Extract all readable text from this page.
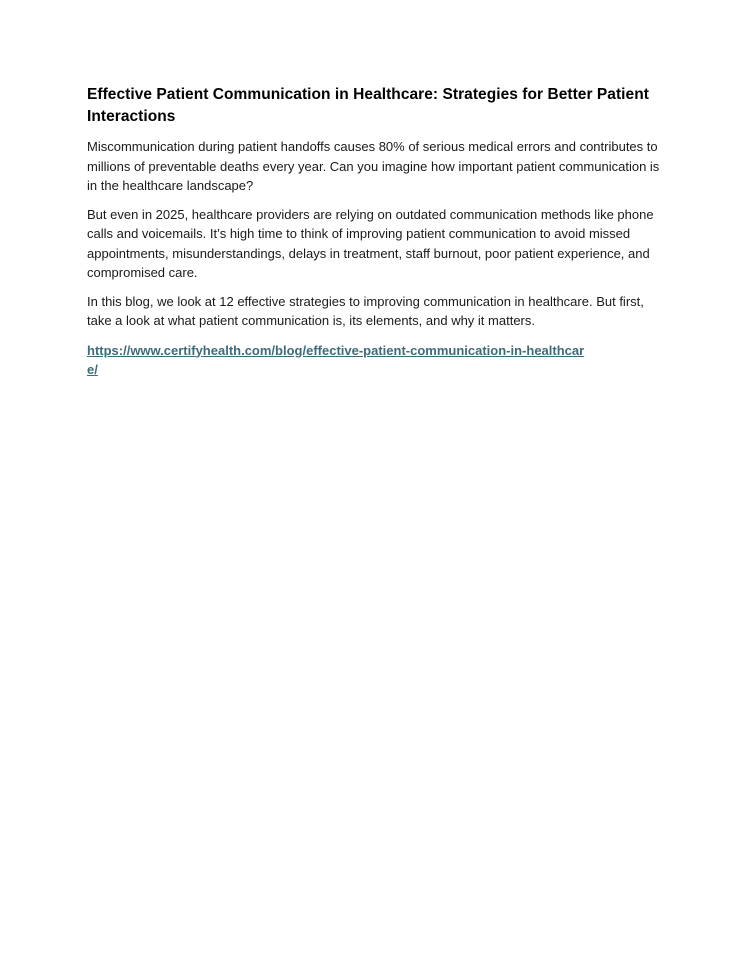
Effective Patient Communication in Healthcare: Strategies for Better Patient Interactions

Miscommunication during patient handoffs causes 80% of serious medical errors and contributes to millions of preventable deaths every year. Can you imagine how important patient communication is in the healthcare landscape?

But even in 2025, healthcare providers are relying on outdated communication methods like phone calls and voicemails. It’s high time to think of improving patient communication to avoid missed appointments, misunderstandings, delays in treatment, staff burnout, poor patient experience, and compromised care.

In this blog, we look at 12 effective strategies to improving communication in healthcare. But first, take a look at what patient communication is, its elements, and why it matters.

https://www.certifyhealth.com/blog/effective-patient-communication-in-healthcare/
